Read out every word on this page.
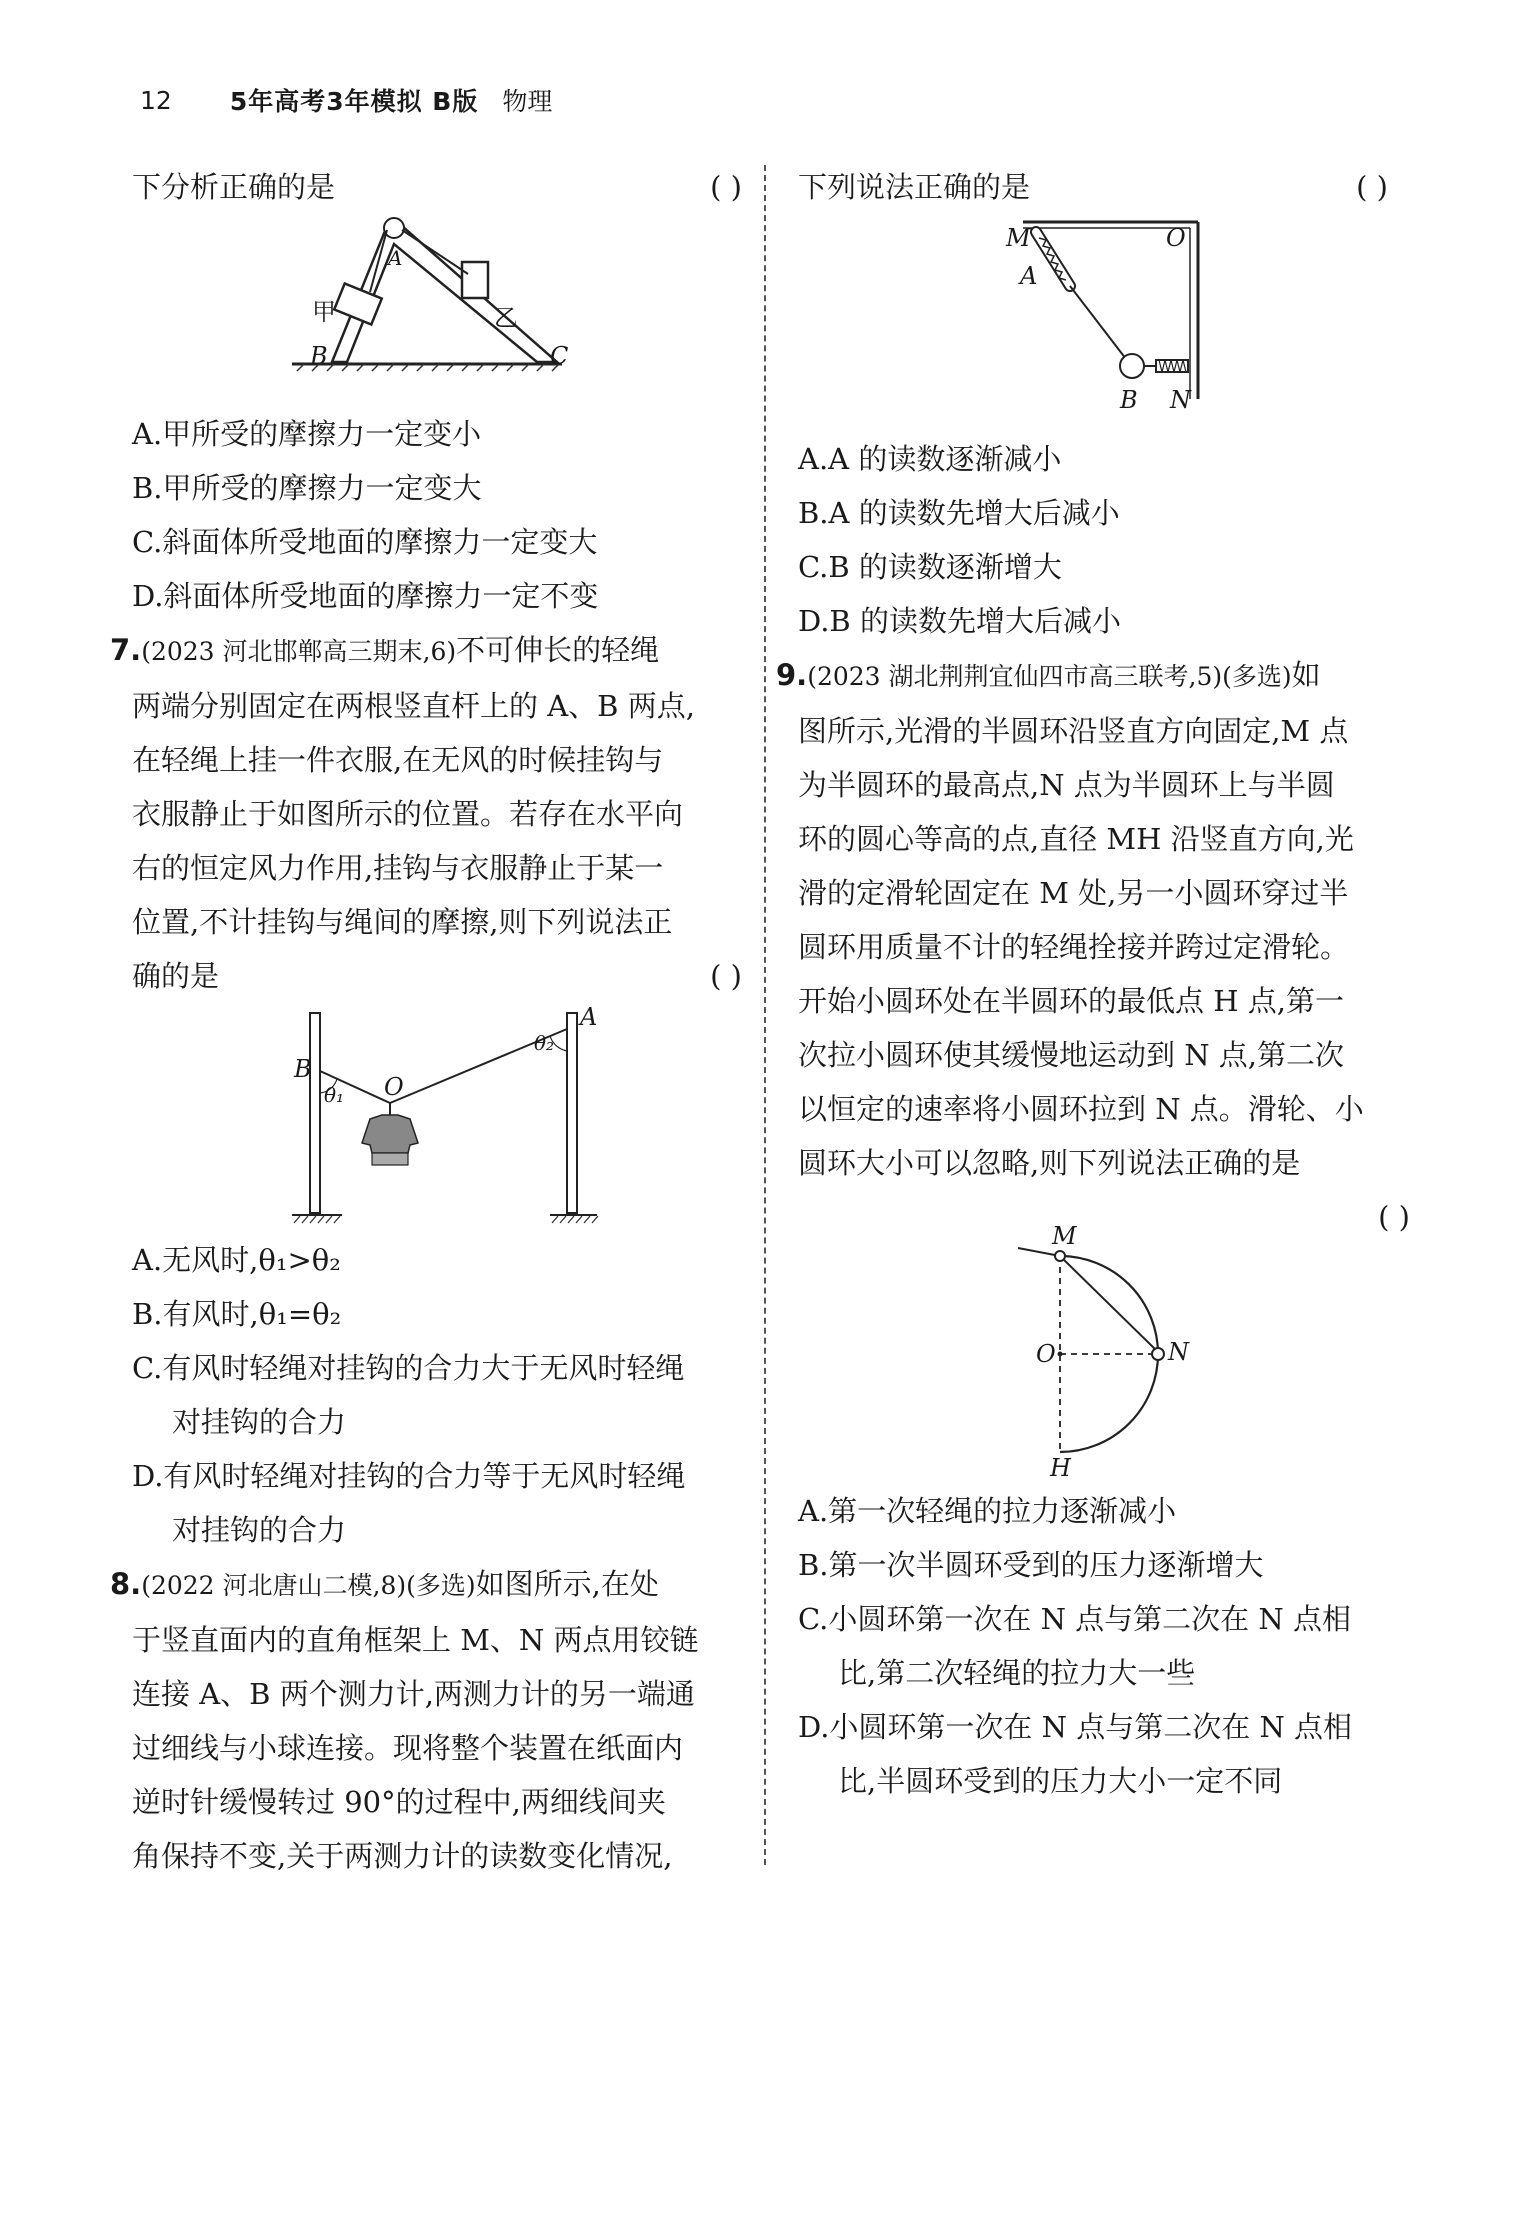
12 5年高考3年模拟 B版 物理
下分析正确的是	( )
A
B	C
甲	乙
A.甲所受的摩擦力一定变小
B.甲所受的摩擦力一定变大
C.斜面体所受地面的摩擦力一定变大
D.斜面体所受地面的摩擦力一定不变
7.(2023 河北邯郸高三期末,6)不可伸长的轻绳
两端分别固定在两根竖直杆上的 A、B 两点,
在轻绳上挂一件衣服,在无风的时候挂钩与
衣服静止于如图所示的位置。若存在水平向
右的恒定风力作用,挂钩与衣服静止于某一
位置,不计挂钩与绳间的摩擦,则下列说法正
确的是	( )
A
B
O
θ₁
θ₂
A.无风时,θ₁>θ₂
B.有风时,θ₁=θ₂
C.有风时轻绳对挂钩的合力大于无风时轻绳
对挂钩的合力
D.有风时轻绳对挂钩的合力等于无风时轻绳
对挂钩的合力
8.(2022 河北唐山二模,8)(多选)如图所示,在处
于竖直面内的直角框架上 M、N 两点用铰链
连接 A、B 两个测力计,两测力计的另一端通
过细线与小球连接。现将整个装置在纸面内
逆时针缓慢转过 90°的过程中,两细线间夹
角保持不变,关于两测力计的读数变化情况,
下列说法正确的是	( )
M	O
A
B N
A.A 的读数逐渐减小
B.A 的读数先增大后减小
C.B 的读数逐渐增大
D.B 的读数先增大后减小
9.(2023 湖北荆荆宜仙四市高三联考,5)(多选)如
图所示,光滑的半圆环沿竖直方向固定,M 点
为半圆环的最高点,N 点为半圆环上与半圆
环的圆心等高的点,直径 MH 沿竖直方向,光
滑的定滑轮固定在 M 处,另一小圆环穿过半
圆环用质量不计的轻绳拴接并跨过定滑轮。
开始小圆环处在半圆环的最低点 H 点,第一
次拉小圆环使其缓慢地运动到 N 点,第二次
以恒定的速率将小圆环拉到 N 点。滑轮、小
圆环大小可以忽略,则下列说法正确的是
( )

M
O	N
H
A.第一次轻绳的拉力逐渐减小
B.第一次半圆环受到的压力逐渐增大
C.小圆环第一次在 N 点与第二次在 N 点相
比,第二次轻绳的拉力大一些
D.小圆环第一次在 N 点与第二次在 N 点相
比,半圆环受到的压力大小一定不同
